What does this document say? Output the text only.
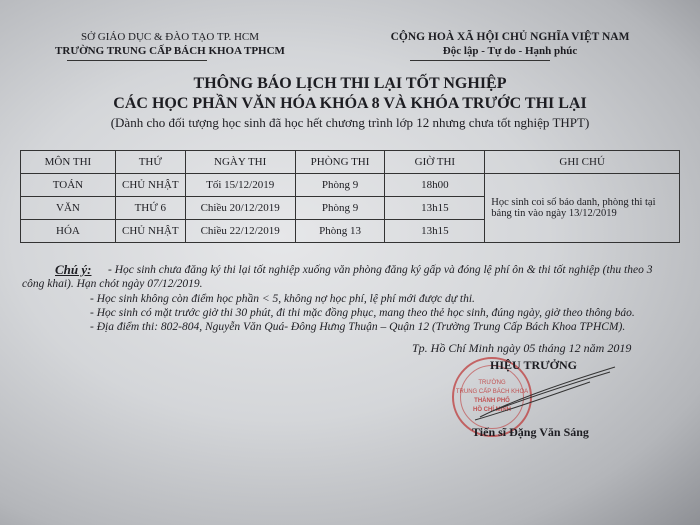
SỞ GIÁO DỤC & ĐÀO TẠO TP. HCM
TRƯỜNG TRUNG CẤP BÁCH KHOA TPHCM
CỘNG HOÀ XÃ HỘI CHỦ NGHĨA VIỆT NAM
Độc lập - Tự do - Hạnh phúc
THÔNG BÁO LỊCH THI LẠI TỐT NGHIỆP
CÁC HỌC PHẦN VĂN HÓA KHÓA 8 VÀ KHÓA TRƯỚC THI LẠI
(Dành cho đối tượng học sinh đã học hết chương trình lớp 12 nhưng chưa tốt nghiệp THPT)
MÔN THI	THỨ	NGÀY THI	PHÒNG THI	GIỜ THI	GHI CHÚ
TOÁN	CHỦ NHẬT	Tối 15/12/2019	Phòng 9	18h00	Học sinh coi số báo danh, phòng thi tại bảng tin vào ngày 13/12/2019
VĂN	THỨ 6	Chiều 20/12/2019	Phòng 9	13h15	
HÓA	CHỦ NHẬT	Chiều 22/12/2019	Phòng 13	13h15	
Chú ý: - Học sinh chưa đăng ký thi lại tốt nghiệp xuống văn phòng đăng ký gấp và đóng lệ phí ôn & thi tốt nghiệp (thu theo 3
công khai). Hạn chót ngày 07/12/2019.
- Học sinh không còn điểm học phần < 5, không nợ học phí, lệ phí mới được dự thi.
- Học sinh có mặt trước giờ thi 30 phút, đi thi mặc đồng phục, mang theo thẻ học sinh, đúng ngày, giờ theo thông báo.
- Địa điểm thi: 802-804, Nguyễn Văn Quá- Đông Hưng Thuận – Quận 12 (Trường Trung Cấp Bách Khoa TPHCM).
Tp. Hồ Chí Minh ngày 05 tháng 12 năm 2019
TRƯỜNG
TRUNG CẤP BÁCH KHOA
THÀNH PHỐ
HỒ CHÍ MINH
HIỆU TRƯỞNG
Tiến sĩ Đặng Văn Sáng
